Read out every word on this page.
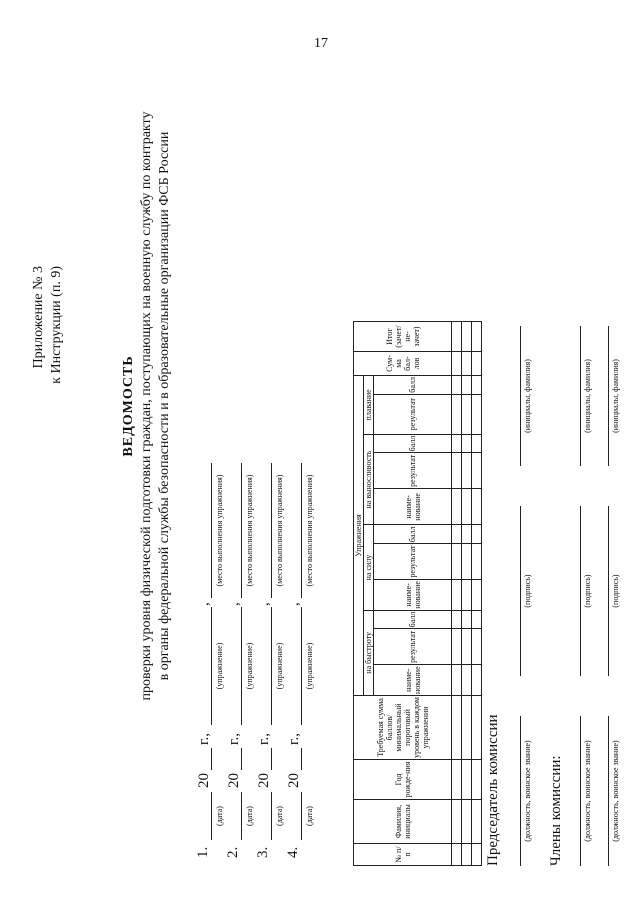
17
Приложение № 3 к Инструкции (п. 9)
ВЕДОМОСТЬ проверки уровня физической подготовки граждан, поступающих на военную службу по контракту в органы федеральной службы безопасности и в образовательные организации ФСБ России
1.
(дата)
20
г.,
(упражнение)
,
(место выполнения упражнения)
2.
(дата)
20
г.,
(упражнение)
,
(место выполнения упражнения)
3.
(дата)
20
г.,
(упражнение)
,
(место выполнения упражнения)
4.
(дата)
20
г.,
(упражнение)
,
(место выполнения упражнения)
№ п/п	Фамилия, инициалы	Год рожде-ния	Требуемая сумма баллов/ минимальный пороговый уровень в каждом упражнении	Упражнения											Сум-ма бал-лов	Итог (зачет/ не-зачет)
				на быстроту			на силу			на выносливость			плавание			
				наиме-нование	результат	балл	наиме-нование	результат	балл	наиме-нование	результат	балл	результат	балл		

Председатель комиссии	(должность, воинское звание)
(подпись)
(инициалы, фамилия)
Члены комиссии: (должность, воинское звание)
(подпись)
(инициалы, фамилия)
(должность, воинское звание)
(подпись)
(инициалы, фамилия)
